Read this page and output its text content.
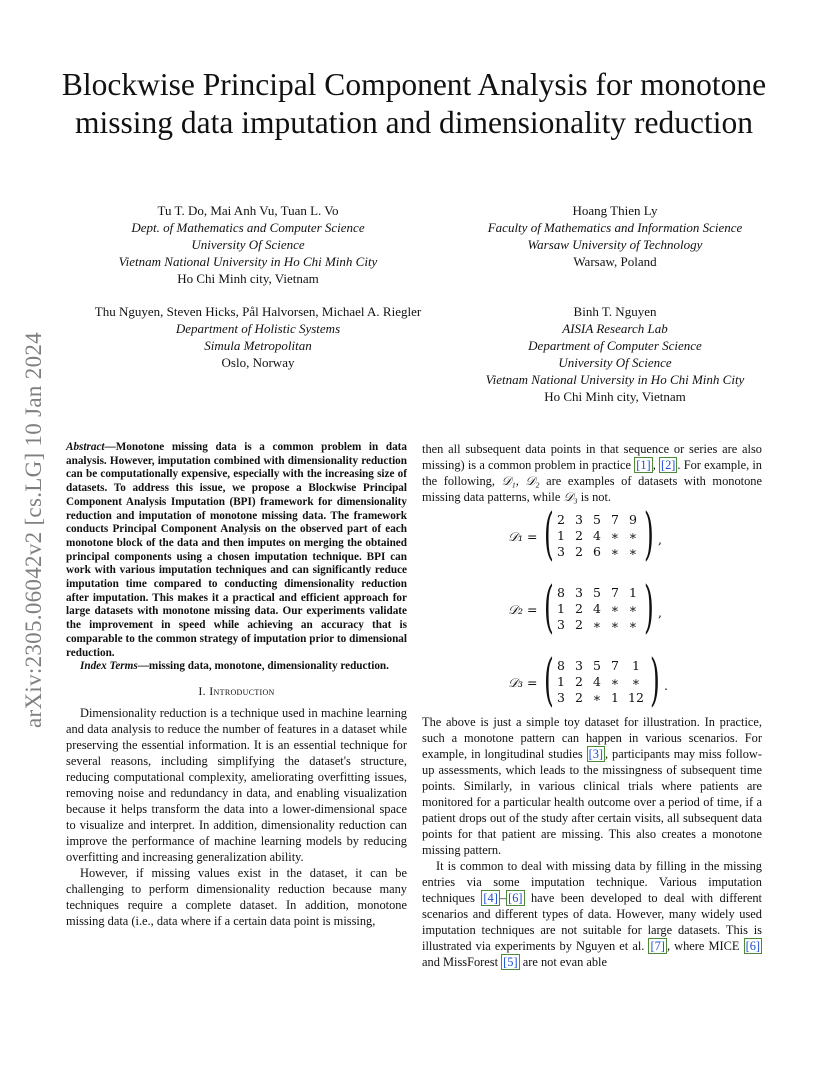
arXiv:2305.06042v2 [cs.LG] 10 Jan 2024
Blockwise Principal Component Analysis for monotone missing data imputation and dimensionality reduction
Tu T. Do, Mai Anh Vu, Tuan L. Vo
Dept. of Mathematics and Computer Science
University Of Science
Vietnam National University in Ho Chi Minh City
Ho Chi Minh city, Vietnam
Hoang Thien Ly
Faculty of Mathematics and Information Science
Warsaw University of Technology
Warsaw, Poland
Thu Nguyen, Steven Hicks, Pål Halvorsen, Michael A. Riegler
Department of Holistic Systems
Simula Metropolitan
Oslo, Norway
Binh T. Nguyen
AISIA Research Lab
Department of Computer Science
University Of Science
Vietnam National University in Ho Chi Minh City
Ho Chi Minh city, Vietnam
Abstract—Monotone missing data is a common problem in data analysis. However, imputation combined with dimensionality reduction can be computationally expensive, especially with the increasing size of datasets. To address this issue, we propose a Blockwise Principal Component Analysis Imputation (BPI) framework for dimensionality reduction and imputation of monotone missing data. The framework conducts Principal Component Analysis on the observed part of each monotone block of the data and then imputes on merging the obtained principal components using a chosen imputation technique. BPI can work with various imputation techniques and can significantly reduce imputation time compared to conducting dimensionality reduction after imputation. This makes it a practical and efficient approach for large datasets with monotone missing data. Our experiments validate the improvement in speed while achieving an accuracy that is comparable to the common strategy of imputation prior to dimensional reduction.
Index Terms—missing data, monotone, dimensionality reduction.
I. Introduction

Dimensionality reduction is a technique used in machine learning and data analysis to reduce the number of features in a dataset while preserving the essential information. It is an essential technique for several reasons, including simplifying the dataset's structure, reducing computational complexity, ameliorating overfitting issues, removing noise and redundancy in data, and enabling visualization because it helps transform the data into a lower-dimensional space to visualize and interpret. In addition, dimensionality reduction can improve the performance of machine learning models by reducing overfitting and increasing generalization ability.

However, if missing values exist in the dataset, it can be challenging to perform dimensionality reduction because many techniques require a complete dataset. In addition, monotone missing data (i.e., data where if a certain data point is missing,

then all subsequent data points in that sequence or series are also missing) is a common problem in practice [1] , [2] . For example, in the following, 𝒟₁, 𝒟₂ are examples of datasets with monotone missing data patterns, while 𝒟₃ is not.

𝒟₁ = ( 2 3 5 7 9
1 2 4 ∗ ∗
3 2 6 ∗ ∗ ) ,
𝒟₂ = ( 8 3 5 7 1
1 2 4 ∗ ∗
3 2 ∗ ∗ ∗ ) ,
𝒟₃ = ( 8 3 5 7	1
1 2 4 ∗	∗
3 2 ∗ 1 12 ) .

The above is just a simple toy dataset for illustration. In practice, such a monotone pattern can happen in various scenarios. For example, in longitudinal studies [3] , participants may miss follow-up assessments, which leads to the missingness of subsequent time points. Similarly, in various clinical trials where patients are monitored for a particular health outcome over a period of time, if a patient drops out of the study after certain visits, all subsequent data points for that patient are missing. This also creates a monotone missing pattern.

It is common to deal with missing data by filling in the missing entries via some imputation technique. Various imputation techniques [4] – [6] have been developed to deal with different scenarios and different types of data. However, many widely used imputation techniques are not suitable for large datasets. This is illustrated via experiments by Nguyen et al. [7] , where MICE [6] and MissForest [5] are not evan able
